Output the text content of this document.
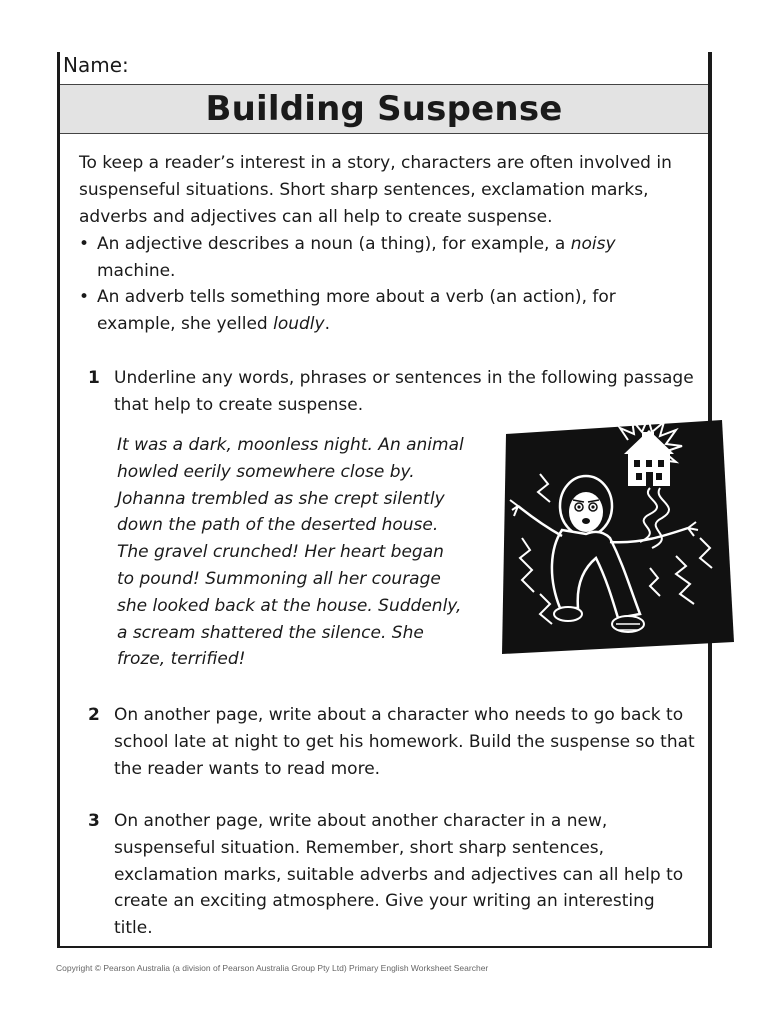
Name:
Building Suspense
To keep a reader’s interest in a story, characters are often involved in suspenseful situations. Short sharp sentences, exclamation marks, adverbs and adjectives can all help to create suspense.
• An adjective describes a noun (a thing), for example, a noisy machine.
• An adverb tells something more about a verb (an action), for example, she yelled loudly.
1 Underline any words, phrases or sentences in the following passage that help to create suspense.
It was a dark, moonless night. An animal
howled eerily somewhere close by.
Johanna trembled as she crept silently
down the path of the deserted house.
The gravel crunched! Her heart began
to pound! Summoning all her courage
she looked back at the house. Suddenly,
a scream shattered the silence. She
froze, terrified!
2 On another page, write about a character who needs to go back to school late at night to get his homework. Build the suspense so that the reader wants to read more.
3 On another page, write about another character in a new, suspenseful situation. Remember, short sharp sentences, exclamation marks, suitable adverbs and adjectives can all help to create an exciting atmosphere. Give your writing an interesting title.
Copyright © Pearson Australia (a division of Pearson Australia Group Pty Ltd) Primary English Worksheet Searcher
